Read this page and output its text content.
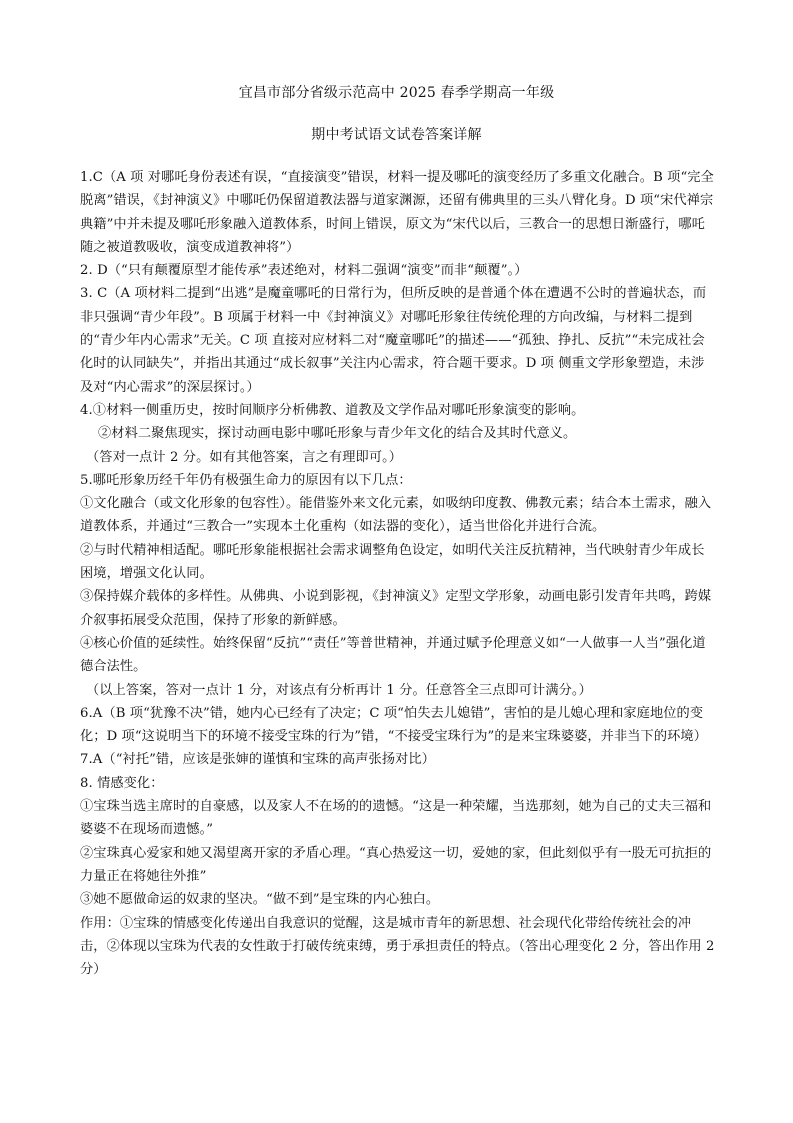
宜昌市部分省级示范高中 2025 春季学期高一年级
期中考试语文试卷答案详解

1.C（A 项 对哪吒身份表述有误，“直接演变”错误，材料一提及哪吒的演变经历了多重文化融合。B 项“完全脱离”错误，《封神演义》中哪吒仍保留道教法器与道家渊源，还留有佛典里的三头八臂化身。D 项“宋代禅宗典籍”中并未提及哪吒形象融入道教体系，时间上错误，原文为“宋代以后，三教合一的思想日渐盛行，哪吒随之被道教吸收，演变成道教神将”）

2. D（“只有颠覆原型才能传承”表述绝对，材料二强调“演变”而非“颠覆”。）

3. C（A 项材料二提到“出逃”是魔童哪吒的日常行为，但所反映的是普通个体在遭遇不公时的普遍状态，而非只强调“青少年段”。B 项属于材料一中《封神演义》对哪吒形象往传统伦理的方向改编，与材料二提到的“青少年内心需求”无关。C 项 直接对应材料二对“魔童哪吒”的描述——“孤独、挣扎、反抗”“未完成社会化时的认同缺失”，并指出其通过“成长叙事”关注内心需求，符合题干要求。D 项 侧重文学形象塑造，未涉及对“内心需求”的深层探讨。）

4.①材料一侧重历史，按时间顺序分析佛教、道教及文学作品对哪吒形象演变的影响。

②材料二聚焦现实，探讨动画电影中哪吒形象与青少年文化的结合及其时代意义。

（答对一点计 2 分。如有其他答案，言之有理即可。）

5.哪吒形象历经千年仍有极强生命力的原因有以下几点：

①文化融合（或文化形象的包容性）。能借鉴外来文化元素，如吸纳印度教、佛教元素；结合本土需求，融入道教体系，并通过“三教合一”实现本土化重构（如法器的变化），适当世俗化并进行合流。

②与时代精神相适配。哪吒形象能根据社会需求调整角色设定，如明代关注反抗精神，当代映射青少年成长困境，增强文化认同。

③保持媒介载体的多样性。从佛典、小说到影视，《封神演义》定型文学形象，动画电影引发青年共鸣，跨媒介叙事拓展受众范围，保持了形象的新鲜感。

④核心价值的延续性。始终保留“反抗”“责任”等普世精神，并通过赋予伦理意义如“一人做事一人当”强化道德合法性。

（以上答案，答对一点计 1 分，对该点有分析再计 1 分。任意答全三点即可计满分。）

6.A（B 项“犹豫不决”错，她内心已经有了决定；C 项“怕失去儿媳错”，害怕的是儿媳心理和家庭地位的变化；D 项“这说明当下的环境不接受宝珠的行为”错，“不接受宝珠行为”的是来宝珠婆婆，并非当下的环境）

7.A（“衬托”错，应该是张婶的谨慎和宝珠的高声张扬对比）

8. 情感变化：

①宝珠当选主席时的自豪感，以及家人不在场的的遗憾。“这是一种荣耀，当选那刻，她为自己的丈夫三福和婆婆不在现场而遗憾。”

②宝珠真心爱家和她又渴望离开家的矛盾心理。“真心热爱这一切，爱她的家，但此刻似乎有一股无可抗拒的力量正在将她往外推”

③她不愿做命运的奴隶的坚决。“做不到”是宝珠的内心独白。

作用：①宝珠的情感变化传递出自我意识的觉醒，这是城市青年的新思想、社会现代化带给传统社会的冲击，②体现以宝珠为代表的女性敢于打破传统束缚，勇于承担责任的特点。（答出心理变化 2 分，答出作用 2 分）
